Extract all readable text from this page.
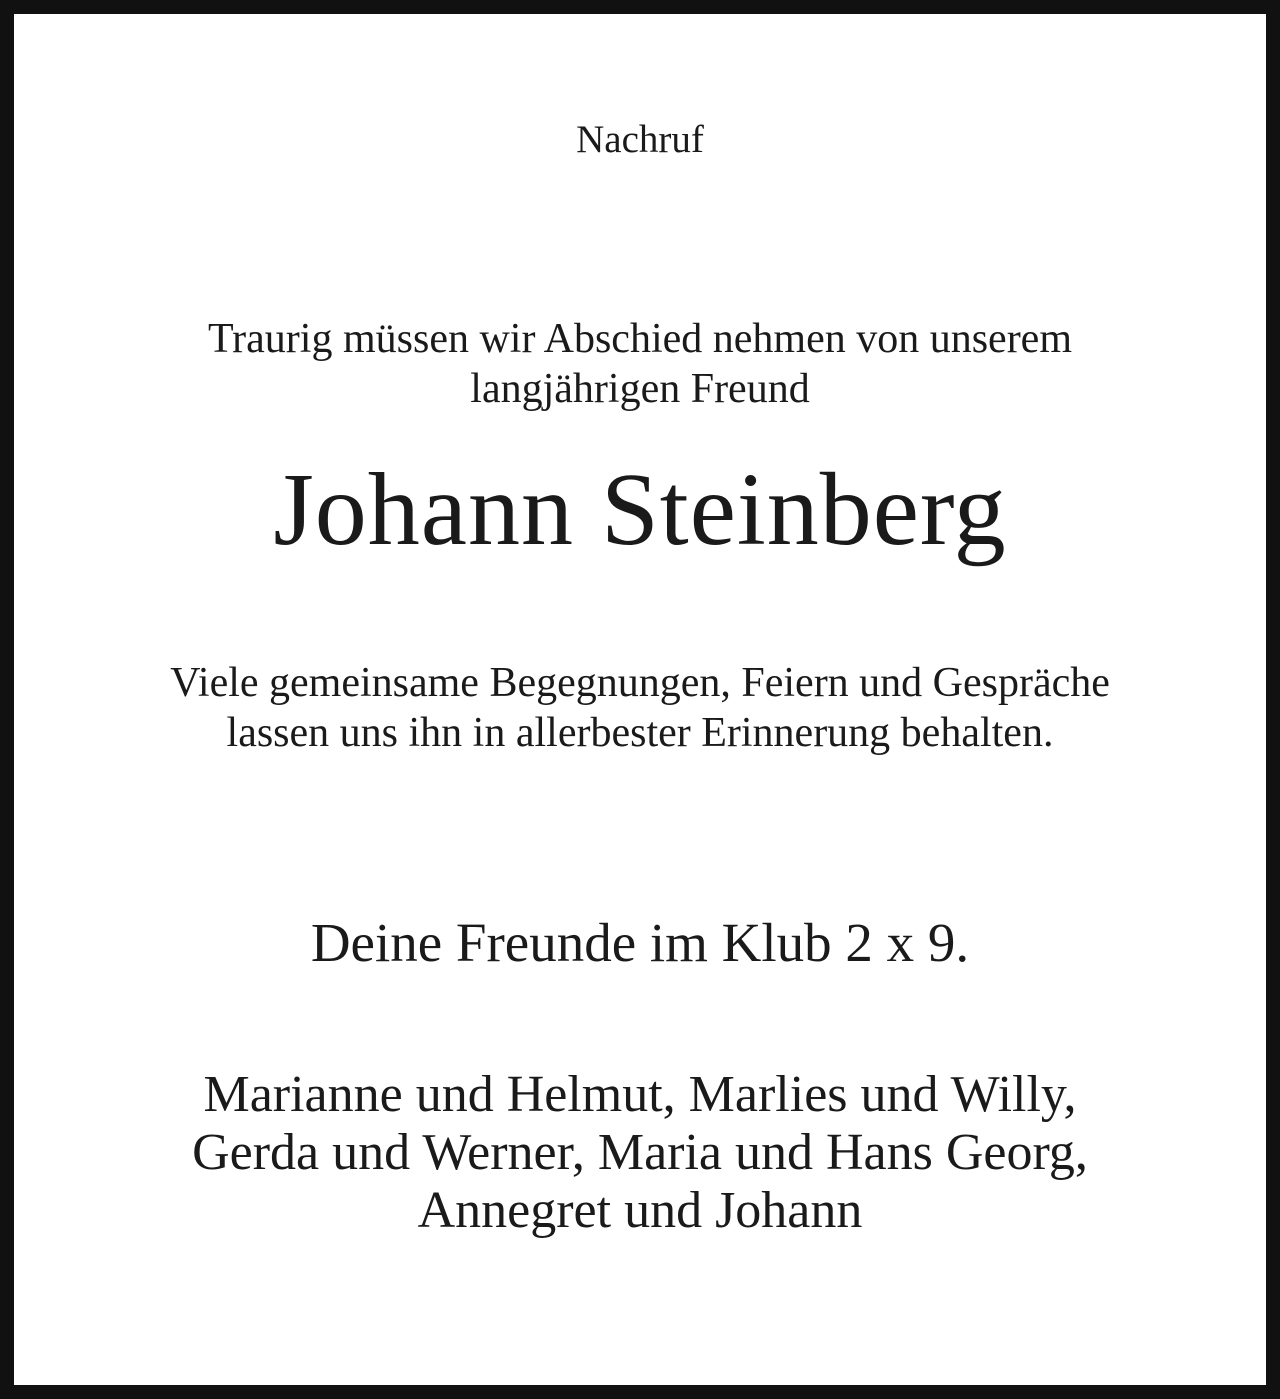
Nachruf

Traurig müssen wir Abschied nehmen von unserem
langjährigen Freund

Johann Steinberg

Viele gemeinsame Begegnungen, Feiern und Gespräche
lassen uns ihn in allerbester Erinnerung behalten.

Deine Freunde im Klub 2 x 9.

Marianne und Helmut, Marlies und Willy,
Gerda und Werner, Maria und Hans Georg,
Annegret und Johann
